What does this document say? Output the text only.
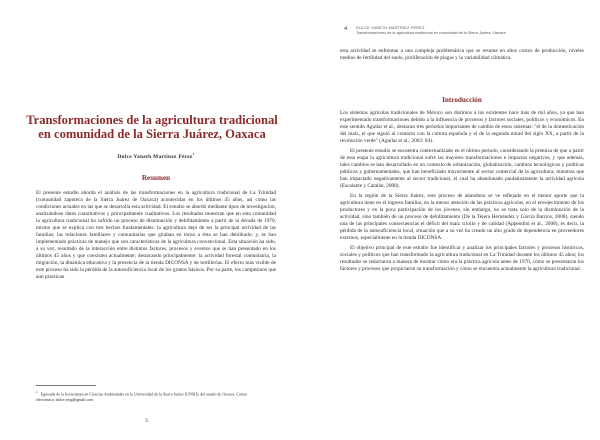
Transformaciones de la agricultura tradicional
en comunidad de la Sierra Juárez, Oaxaca
Dulce Yaneth Martínez Pérez$^1$
Resumen

El presente estudio aborda el análisis de las transformaciones en la agricultura tradicional de La Trinidad (comunidad zapoteca de la Sierra Juárez de Oaxaca) acontecidas en los últimos 45 años, así como las condiciones actuales en las que se desarrolla esta actividad. El estudio se abordó mediante tipos de investigación, analizándose datos cuantitativos y principalmente cualitativos. Los resultados muestran que en esta comunidad la agricultura tradicional ha sufrido un proceso de disminución y debilitamiento a partir de la década de 1970, mismo que se explica con tres hechos fundamentales: la agricultura dejó de ser la principal actividad de las familias; las relaciones familiares y comunitarias que giraban en torno a ésta se han debilitado; y, se han implementado prácticas de manejo que son características de la agricultura convencional. Esta situación ha sido, a su vez, resultado de la interacción entre distintos factores, procesos y eventos que se han presentado en los últimos 45 años y que coexisten actualmente; destacando principalmente: la actividad forestal comunitaria, la migración, la dinámica educativa y la presencia de la tienda DICONSA y de tortillerías. El efecto más visible de este proceso ha sido la pérdida de la autosuficiencia local de los granos básicos. Por su parte, los campesinos que aun practican

$^1$ Egresada de la licenciatura en Ciencias Ambientales en la Universidad de la Sierra Juárez (UNSIJ), del estado de Oaxaca. Correo electrónico: dulce.ymp@gmail.com
3
4 DULCE YANETH MARTÍNEZ PÉREZ
Transformaciones de la agricultura tradicional en comunidad de la Sierra Juárez, Oaxaca

esta actividad se enfrentan a una compleja problemática que se resume en altos costos de producción, niveles medios de fertilidad del suelo, proliferación de plagas y la variabilidad climática.

Introducción

Los sistemas agrícolas tradicionales de México son distintos a los existentes hace más de mil años, ya que han experimentado transformaciones debido a la influencia de procesos y factores sociales, políticos y económicos. En este sentido Aguilar et al., destacan tres periodos importantes de cambio de estos sistemas: "el de la domesticación del maíz, el que siguió al contacto con la cultura española y el de la segunda mitad del siglo XX, a partir de la revolución verde" (Aguilar et al., 2003: 84).

El presente estudio se encuentra contextualizado en el último periodo, considerando la premisa de que a partir de esta etapa la agricultura tradicional sufre las mayores transformaciones e impactos negativos, y que además, tales cambios se han desarrollado en un contexto de urbanización, globalización, cambios tecnológicos y políticas públicas y gubernamentales, que han beneficiado mayormente al sector comercial de la agricultura, mientras que han impactado negativamente al sector tradicional, el cual ha abandonado paulatinamente la actividad agrícola (Escalante y Catalán, 2008).

En la región de la Sierra Juárez, este proceso de abandono se ve reflejado en el menor aporte que la agricultura tiene en el ingreso familiar, en la menor atención de las prácticas agrícolas, en el envejecimiento de los productores y en la poca participación de los jóvenes, sin embargo, no se trata solo de la disminución de la actividad, sino también de un proceso de debilitamiento (De la Tejera Hernández y García Barrios, 2008), siendo una de las principales consecuencias el déficit del maíz criollo y de calidad (Appendini et al., 2008), es decir, la pérdida de la autosuficiencia local, situación que a su vez ha creado un alto grado de dependencia en proveedores externos, especialmente en la tienda DICONSA.

El objetivo principal de este estudio fue identificar y analizar los principales factores y procesos históricos, sociales y políticos que han transformado la agricultura tradicional en La Trinidad durante los últimos 45 años; los resultados se redactaron a manera de mostrar cómo era la práctica agrícola antes de 1970, cómo se presentaron los factores y procesos que propiciaron su transformación y cómo se encuentra actualmente la agricultura tradicional.
